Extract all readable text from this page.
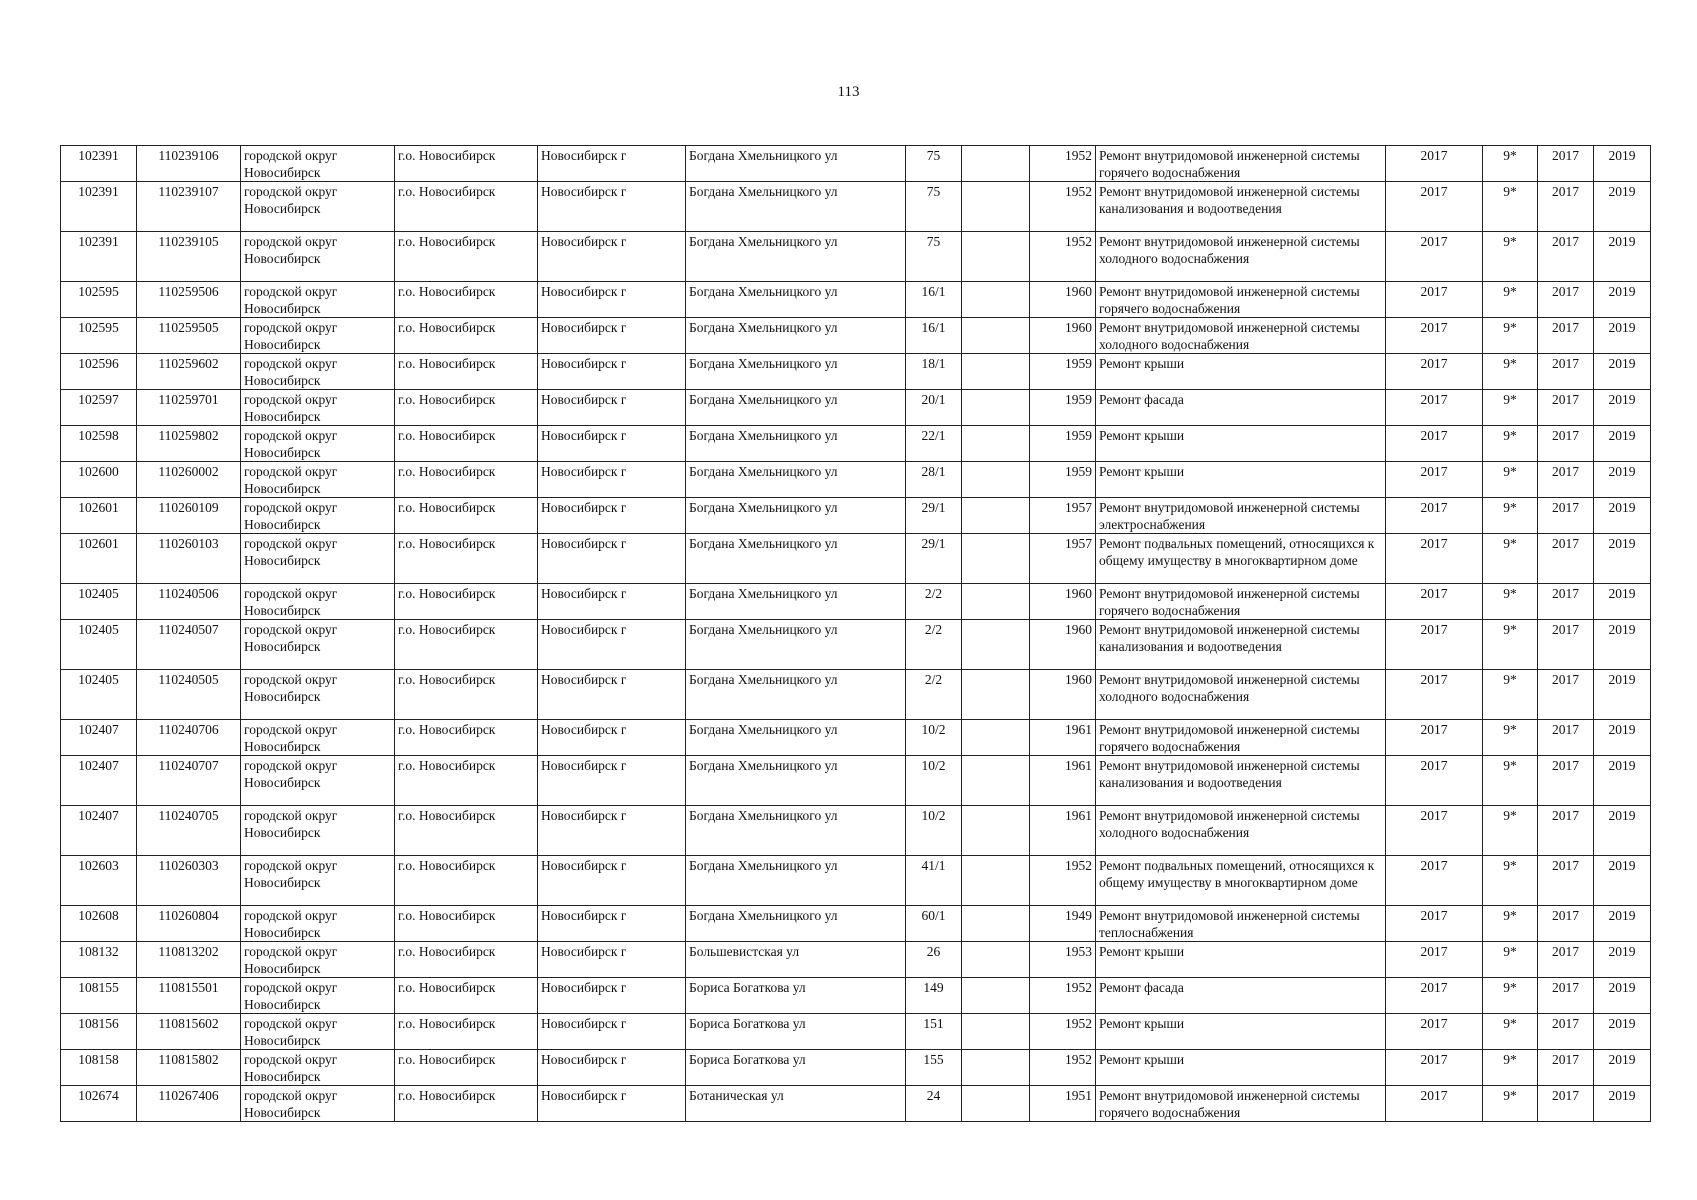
113
102391	110239106	городской округ Новосибирск	г.о. Новосибирск	Новосибирск г	Богдана Хмельницкого ул	75		1952	Ремонт внутридомовой инженерной системы горячего водоснабжения	2017	9*	2017	2019
102391	110239107	городской округ Новосибирск	г.о. Новосибирск	Новосибирск г	Богдана Хмельницкого ул	75		1952	Ремонт внутридомовой инженерной системы канализования и водоотведения	2017	9*	2017	2019
102391	110239105	городской округ Новосибирск	г.о. Новосибирск	Новосибирск г	Богдана Хмельницкого ул	75		1952	Ремонт внутридомовой инженерной системы холодного водоснабжения	2017	9*	2017	2019
102595	110259506	городской округ Новосибирск	г.о. Новосибирск	Новосибирск г	Богдана Хмельницкого ул	16/1		1960	Ремонт внутридомовой инженерной системы горячего водоснабжения	2017	9*	2017	2019
102595	110259505	городской округ Новосибирск	г.о. Новосибирск	Новосибирск г	Богдана Хмельницкого ул	16/1		1960	Ремонт внутридомовой инженерной системы холодного водоснабжения	2017	9*	2017	2019
102596	110259602	городской округ Новосибирск	г.о. Новосибирск	Новосибирск г	Богдана Хмельницкого ул	18/1		1959	Ремонт крыши	2017	9*	2017	2019
102597	110259701	городской округ Новосибирск	г.о. Новосибирск	Новосибирск г	Богдана Хмельницкого ул	20/1		1959	Ремонт фасада	2017	9*	2017	2019
102598	110259802	городской округ Новосибирск	г.о. Новосибирск	Новосибирск г	Богдана Хмельницкого ул	22/1		1959	Ремонт крыши	2017	9*	2017	2019
102600	110260002	городской округ Новосибирск	г.о. Новосибирск	Новосибирск г	Богдана Хмельницкого ул	28/1		1959	Ремонт крыши	2017	9*	2017	2019
102601	110260109	городской округ Новосибирск	г.о. Новосибирск	Новосибирск г	Богдана Хмельницкого ул	29/1		1957	Ремонт внутридомовой инженерной системы электроснабжения	2017	9*	2017	2019
102601	110260103	городской округ Новосибирск	г.о. Новосибирск	Новосибирск г	Богдана Хмельницкого ул	29/1		1957	Ремонт подвальных помещений, относящихся к общему имуществу в многоквартирном доме	2017	9*	2017	2019
102405	110240506	городской округ Новосибирск	г.о. Новосибирск	Новосибирск г	Богдана Хмельницкого ул	2/2		1960	Ремонт внутридомовой инженерной системы горячего водоснабжения	2017	9*	2017	2019
102405	110240507	городской округ Новосибирск	г.о. Новосибирск	Новосибирск г	Богдана Хмельницкого ул	2/2		1960	Ремонт внутридомовой инженерной системы канализования и водоотведения	2017	9*	2017	2019
102405	110240505	городской округ Новосибирск	г.о. Новосибирск	Новосибирск г	Богдана Хмельницкого ул	2/2		1960	Ремонт внутридомовой инженерной системы холодного водоснабжения	2017	9*	2017	2019
102407	110240706	городской округ Новосибирск	г.о. Новосибирск	Новосибирск г	Богдана Хмельницкого ул	10/2		1961	Ремонт внутридомовой инженерной системы горячего водоснабжения	2017	9*	2017	2019
102407	110240707	городской округ Новосибирск	г.о. Новосибирск	Новосибирск г	Богдана Хмельницкого ул	10/2		1961	Ремонт внутридомовой инженерной системы канализования и водоотведения	2017	9*	2017	2019
102407	110240705	городской округ Новосибирск	г.о. Новосибирск	Новосибирск г	Богдана Хмельницкого ул	10/2		1961	Ремонт внутридомовой инженерной системы холодного водоснабжения	2017	9*	2017	2019
102603	110260303	городской округ Новосибирск	г.о. Новосибирск	Новосибирск г	Богдана Хмельницкого ул	41/1		1952	Ремонт подвальных помещений, относящихся к общему имуществу в многоквартирном доме	2017	9*	2017	2019
102608	110260804	городской округ Новосибирск	г.о. Новосибирск	Новосибирск г	Богдана Хмельницкого ул	60/1		1949	Ремонт внутридомовой инженерной системы теплоснабжения	2017	9*	2017	2019
108132	110813202	городской округ Новосибирск	г.о. Новосибирск	Новосибирск г	Большевистская ул	26		1953	Ремонт крыши	2017	9*	2017	2019
108155	110815501	городской округ Новосибирск	г.о. Новосибирск	Новосибирск г	Бориса Богаткова ул	149		1952	Ремонт фасада	2017	9*	2017	2019
108156	110815602	городской округ Новосибирск	г.о. Новосибирск	Новосибирск г	Бориса Богаткова ул	151		1952	Ремонт крыши	2017	9*	2017	2019
108158	110815802	городской округ Новосибирск	г.о. Новосибирск	Новосибирск г	Бориса Богаткова ул	155		1952	Ремонт крыши	2017	9*	2017	2019
102674	110267406	городской округ Новосибирск	г.о. Новосибирск	Новосибирск г	Ботаническая ул	24		1951	Ремонт внутридомовой инженерной системы горячего водоснабжения	2017	9*	2017	2019
